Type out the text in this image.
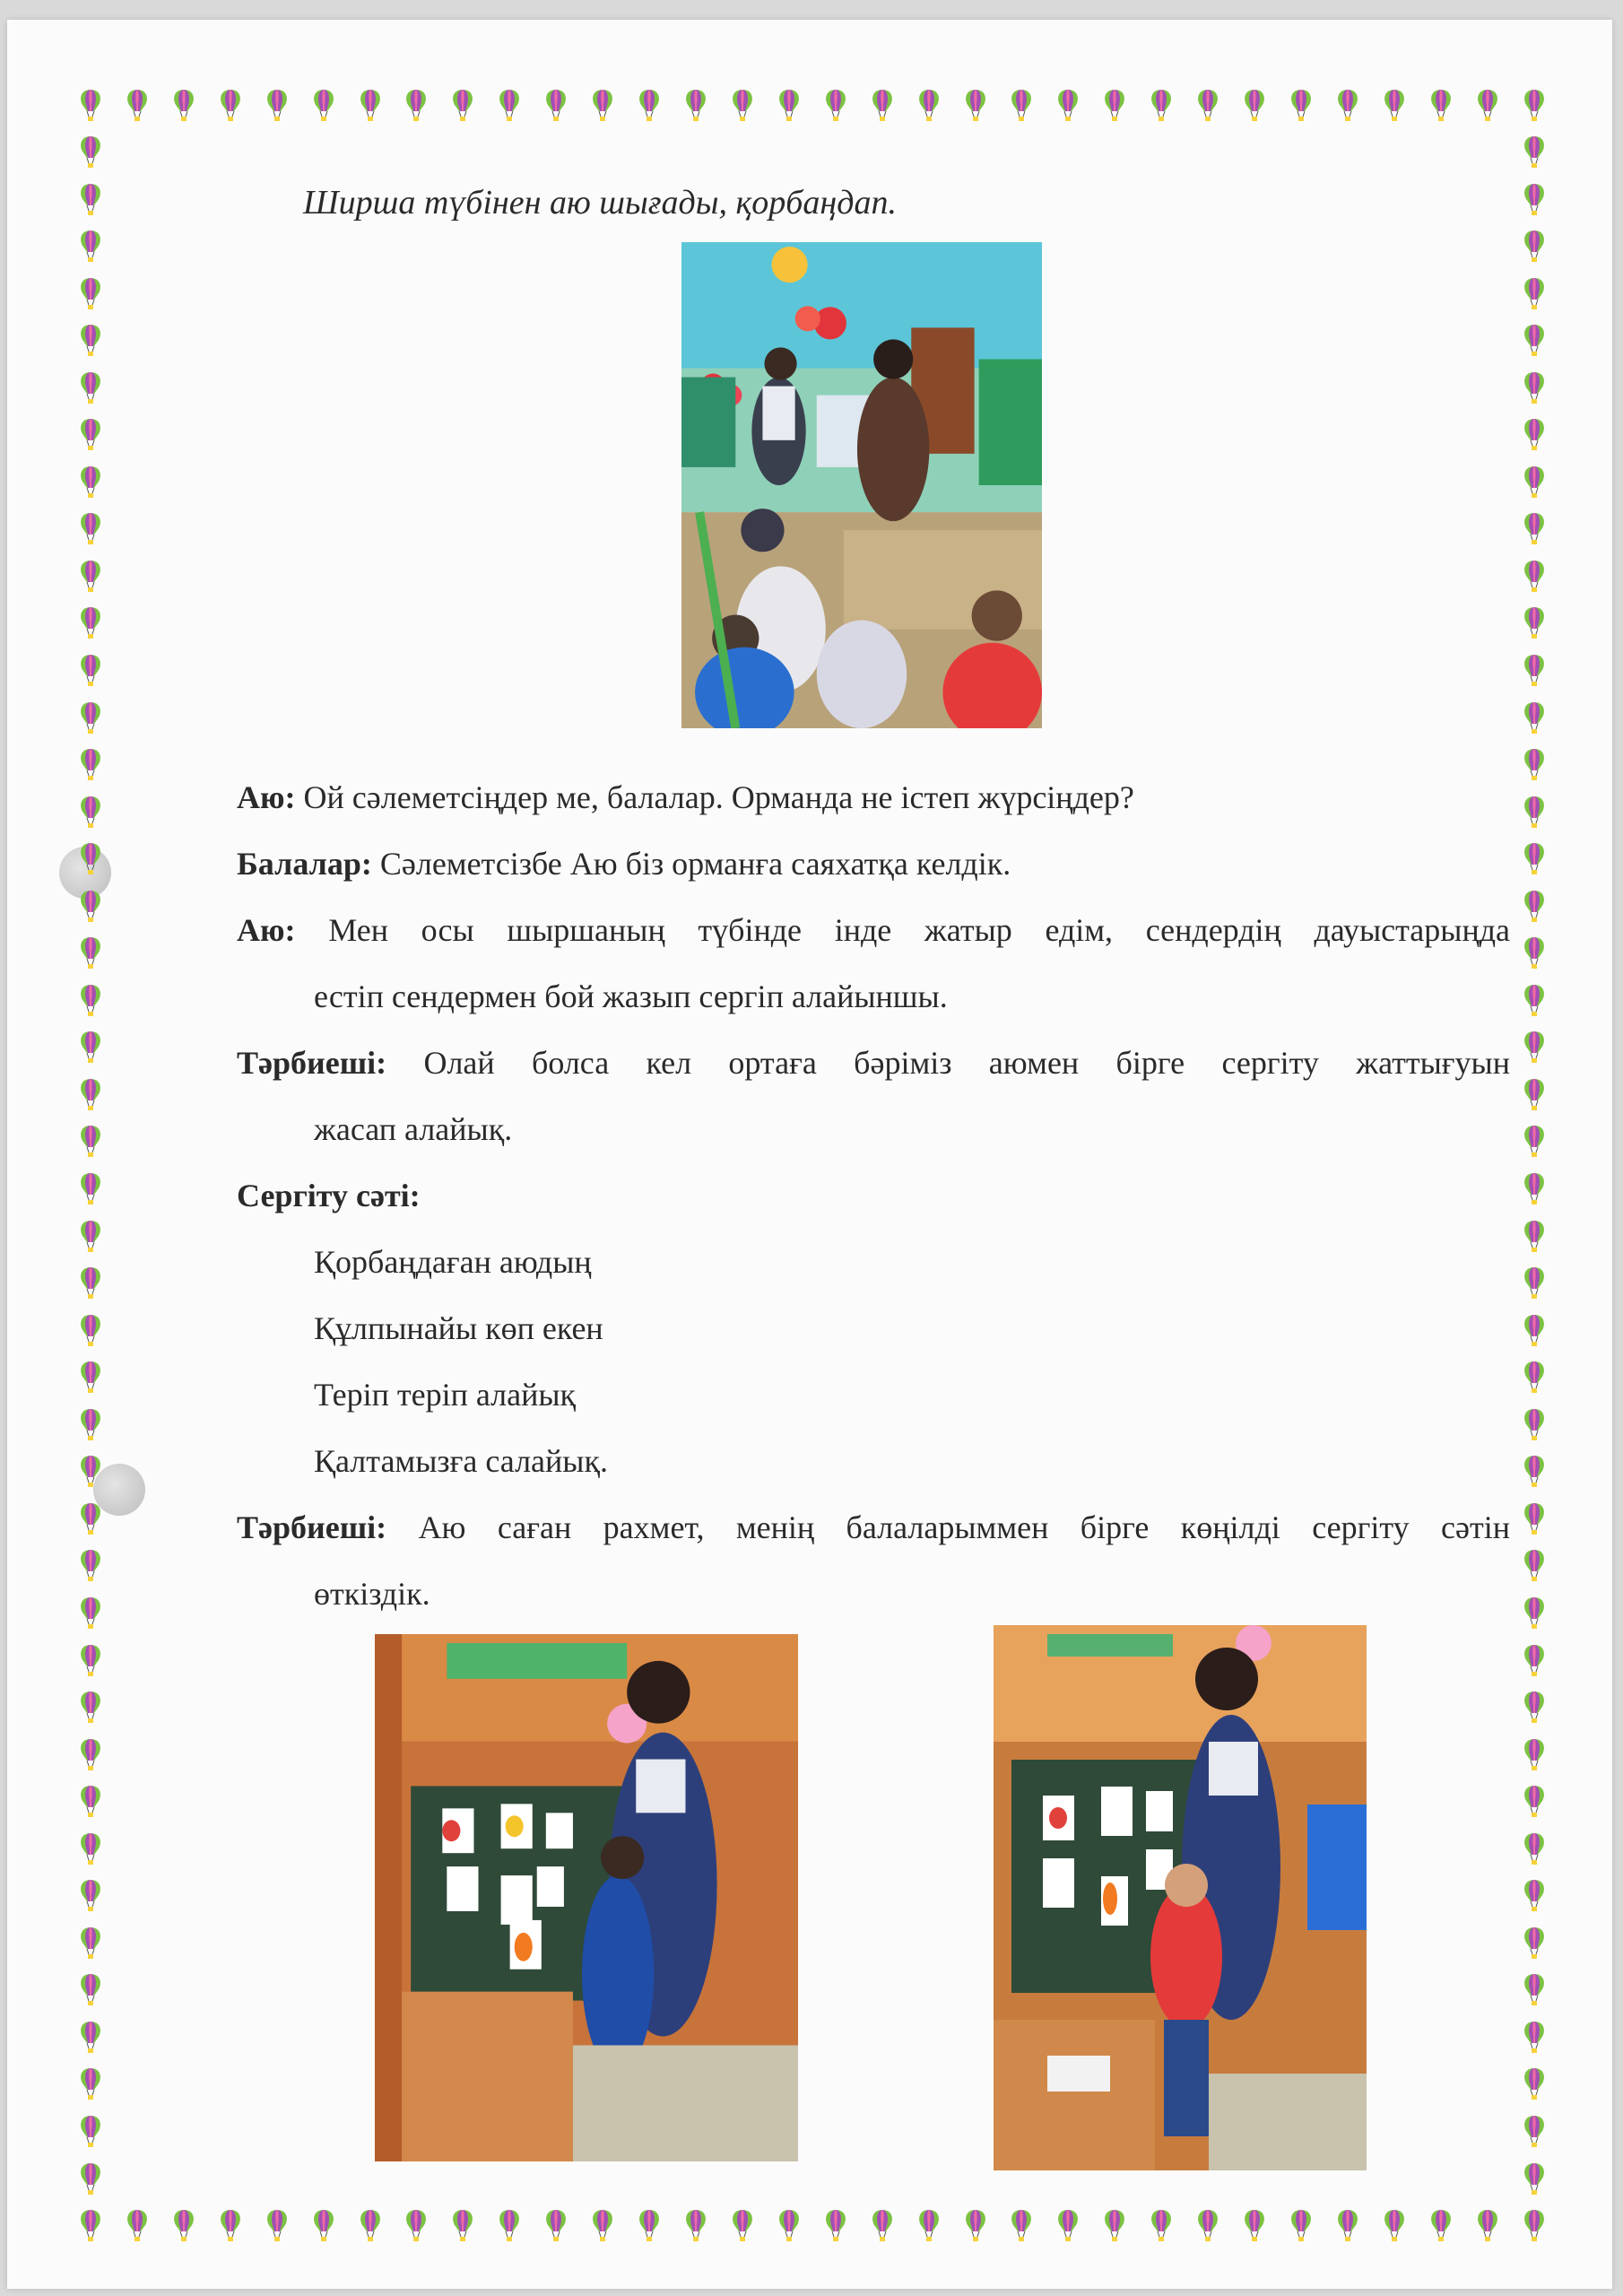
Ширша түбінен аю шығады, қорбаңдап.
Аю: Ой сәлеметсіңдер ме, балалар. Орманда не істеп жүрсіңдер?
Балалар: Сәлеметсізбе Аю біз орманға саяхатқа келдік.
Аю: Мен осы шыршаның түбінде інде жатыр едім, сендердің дауыстарыңда
естіп сендермен бой жазып сергіп алайыншы.
Тәрбиеші: Олай болса кел ортаға бәріміз аюмен бірге сергіту жаттығуын
жасап алайық.
Сергіту сәті:
Қорбаңдаған аюдың
Құлпынайы көп екен
Теріп теріп алайық
Қалтамызға салайық.
Тәрбиеші: Аю саған рахмет, менің балаларыммен бірге көңілді сергіту сәтін
өткіздік.
